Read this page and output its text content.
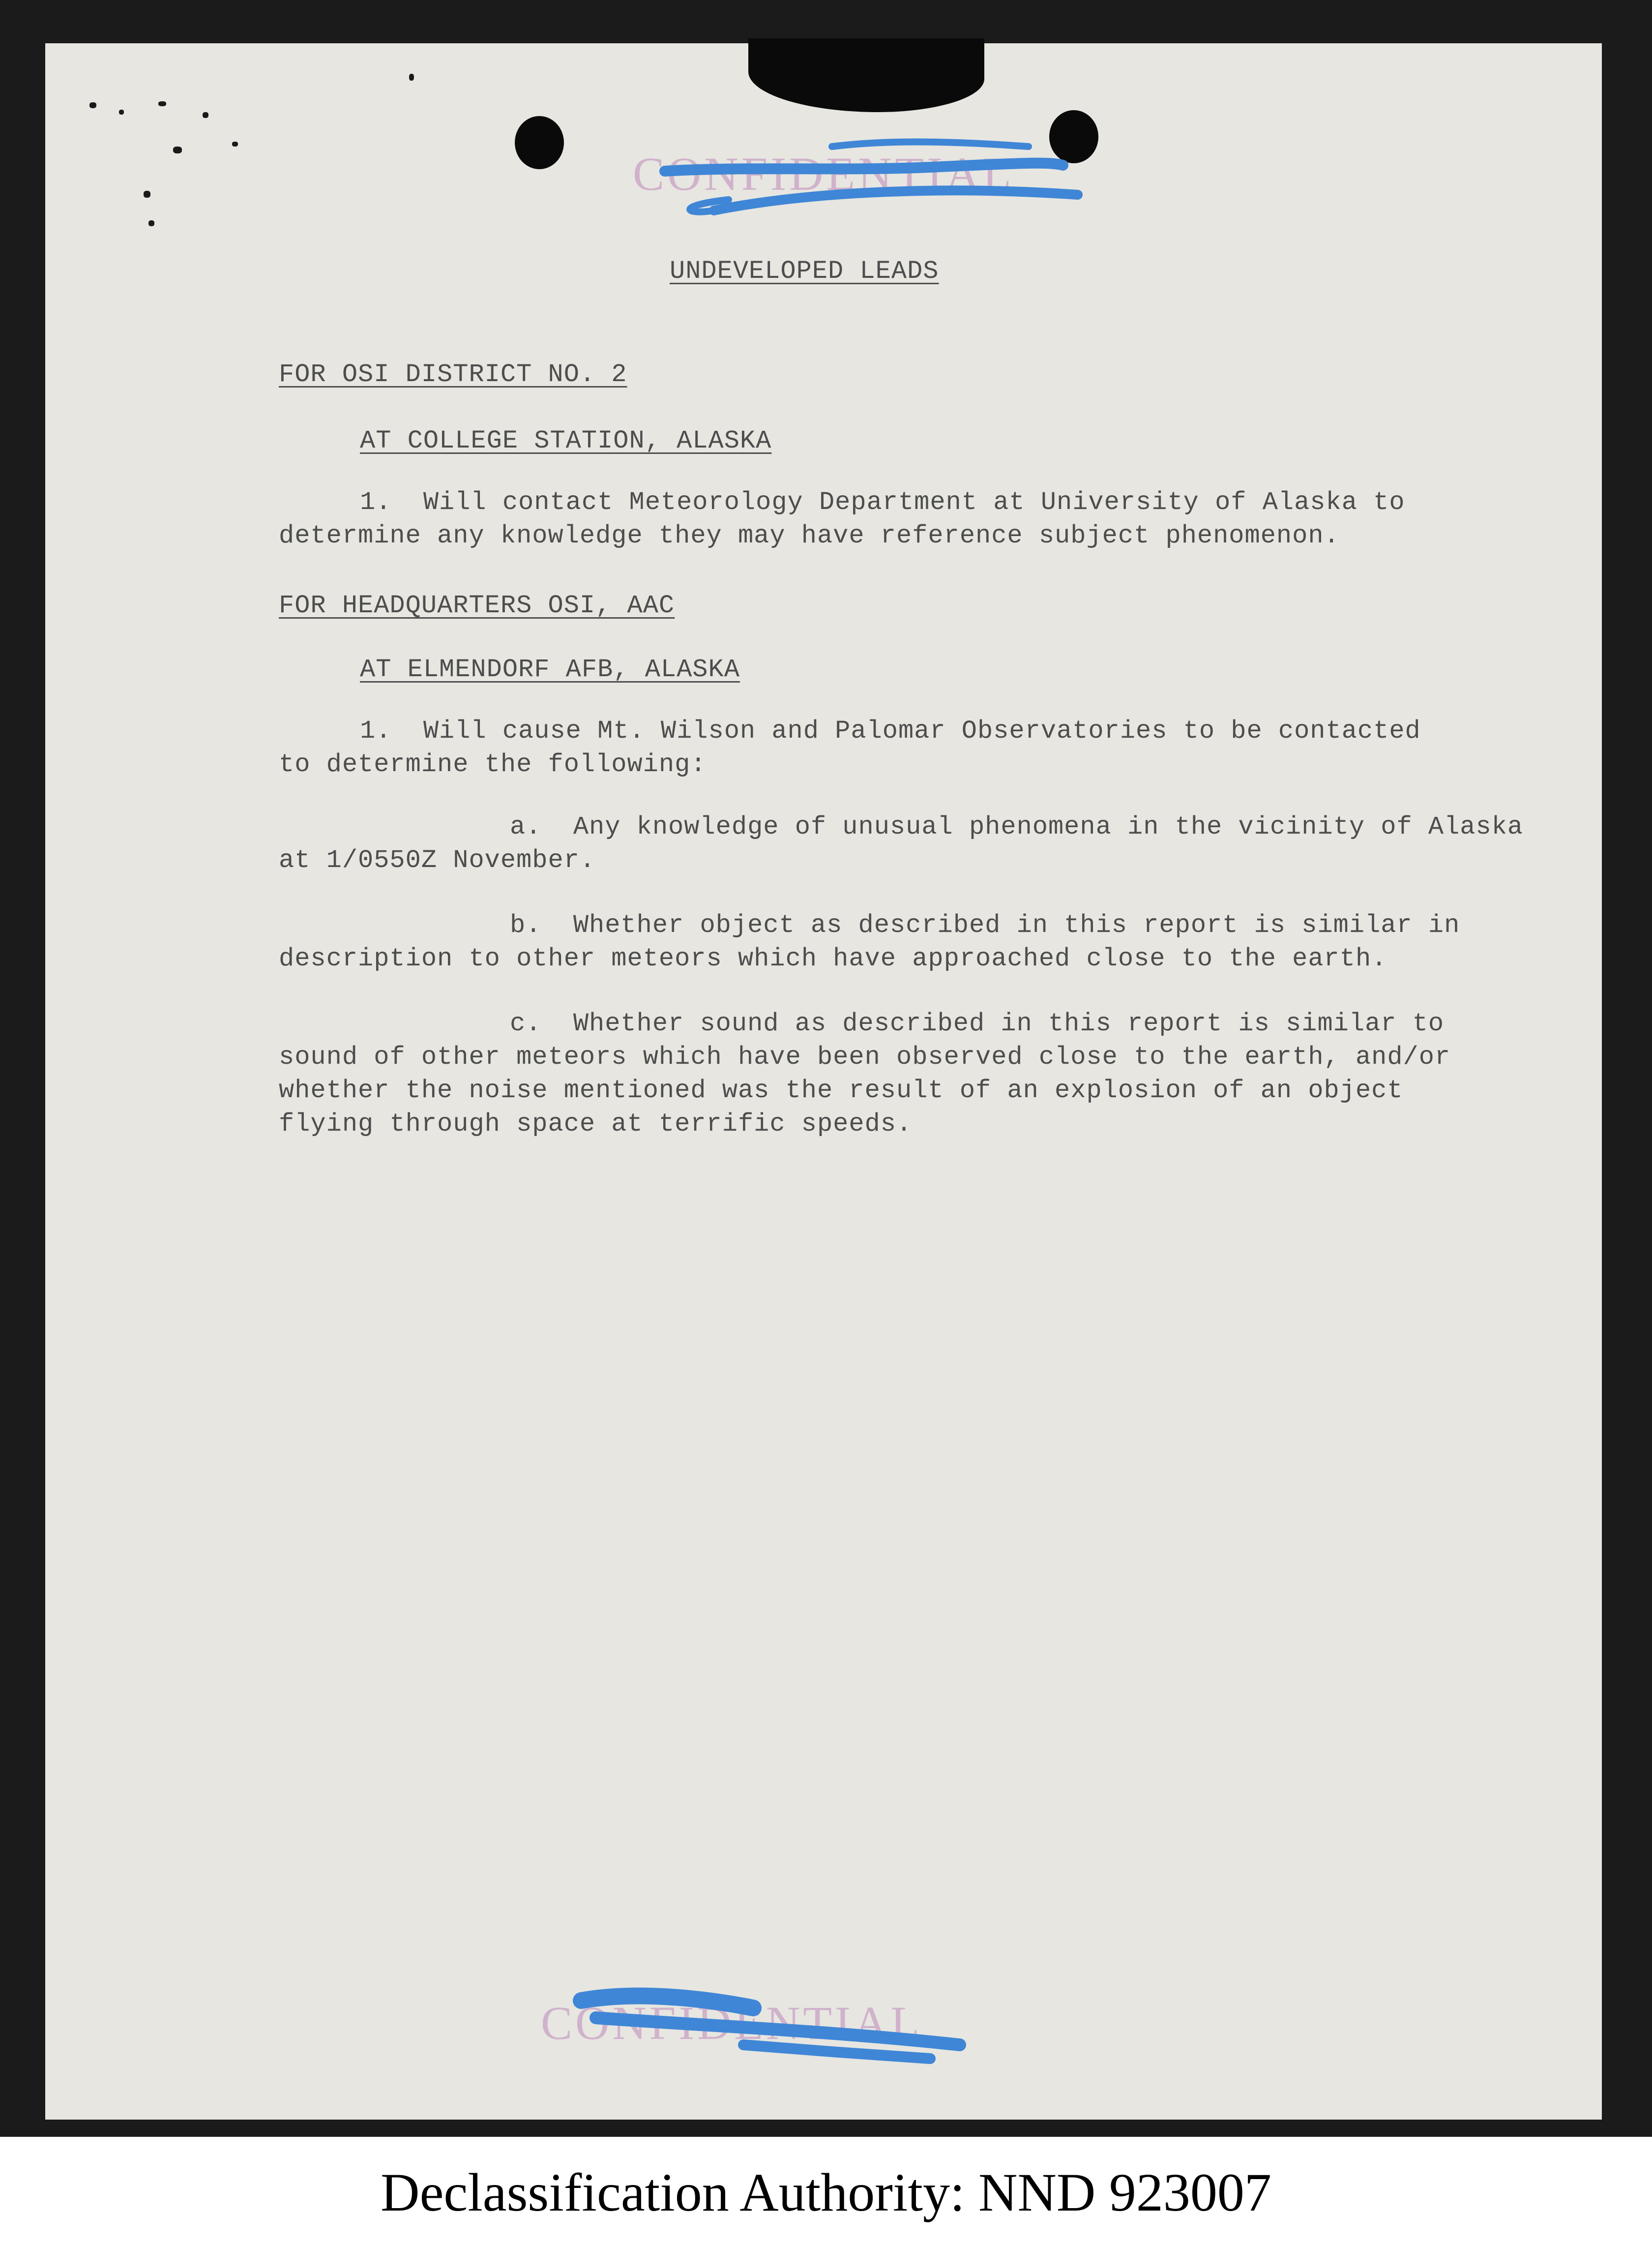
CONFIDENTIAL
UNDEVELOPED LEADS
FOR OSI DISTRICT NO. 2
AT COLLEGE STATION, ALASKA
1.  Will contact Meteorology Department at University of Alaska to
determine any knowledge they may have reference subject phenomenon.
FOR HEADQUARTERS OSI, AAC
AT ELMENDORF AFB, ALASKA
1.  Will cause Mt. Wilson and Palomar Observatories to be contacted
to determine the following:
a.  Any knowledge of unusual phenomena in the vicinity of Alaska
at 1/0550Z November.
b.  Whether object as described in this report is similar in
description to other meteors which have approached close to the earth.
c.  Whether sound as described in this report is similar to
sound of other meteors which have been observed close to the earth, and/or
whether the noise mentioned was the result of an explosion of an object
flying through space at terrific speeds.
CONFIDENTIAL
Declassification Authority: NND 923007
